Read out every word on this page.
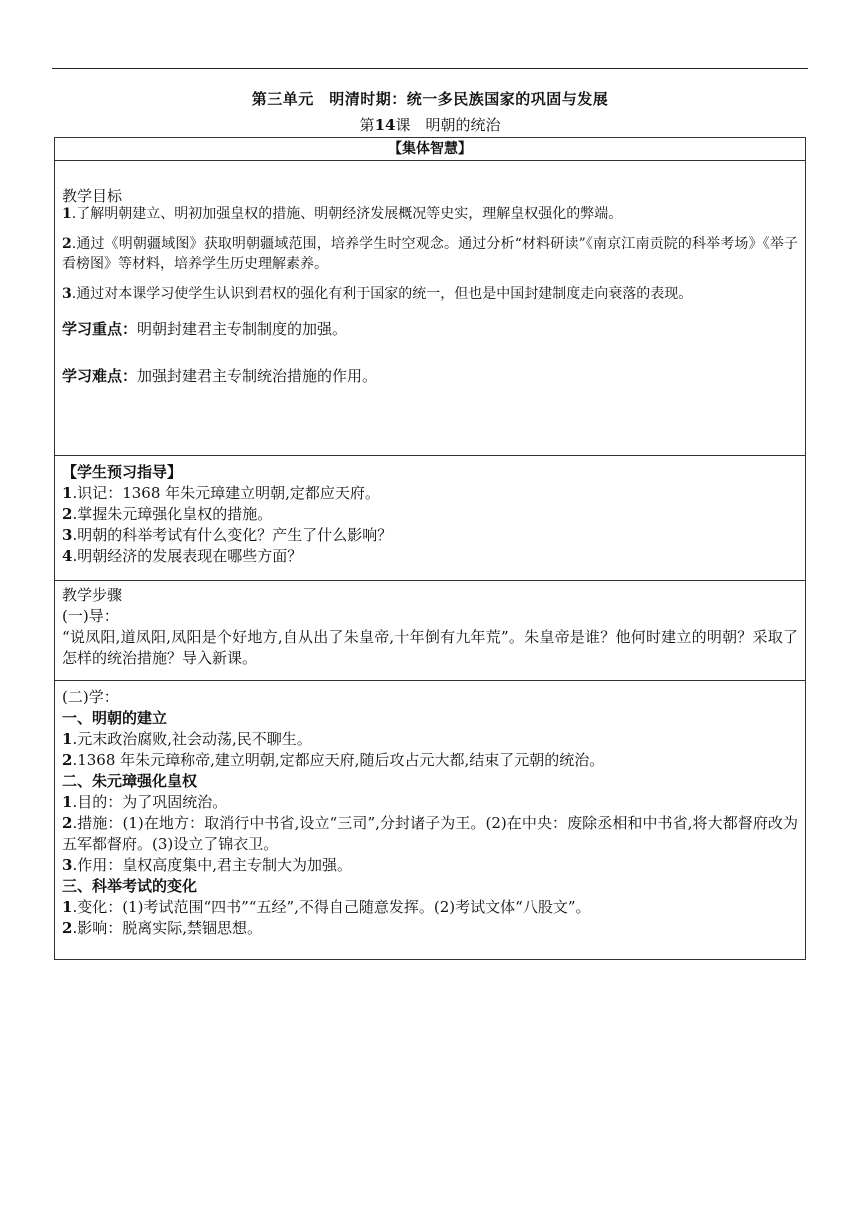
第三单元　明清时期：统一多民族国家的巩固与发展
第14课　明朝的统治
【集体智慧】

教学目标

1.了解明朝建立、明初加强皇权的措施、明朝经济发展概况等史实，理解皇权强化的弊端。

2.通过《明朝疆域图》获取明朝疆域范围，培养学生时空观念。通过分析“材料研读”《南京江南贡院的科举考场》《举子看榜图》等材料，培养学生历史理解素养。

3.通过对本课学习使学生认识到君权的强化有利于国家的统一，但也是中国封建制度走向衰落的表现。

学习重点：明朝封建君主专制制度的加强。

学习难点：加强封建君主专制统治措施的作用。

【学生预习指导】

1.识记：1368 年朱元璋建立明朝,定都应天府。

2.掌握朱元璋强化皇权的措施。

3.明朝的科举考试有什么变化？产生了什么影响？

4.明朝经济的发展表现在哪些方面？

教学步骤

(一)导：

“说凤阳,道凤阳,凤阳是个好地方,自从出了朱皇帝,十年倒有九年荒”。朱皇帝是谁？他何时建立的明朝？采取了怎样的统治措施？导入新课。

(二)学：

一、明朝的建立

1.元末政治腐败,社会动荡,民不聊生。

2.1368 年朱元璋称帝,建立明朝,定都应天府,随后攻占元大都,结束了元朝的统治。

二、朱元璋强化皇权

1.目的：为了巩固统治。

2.措施：(1)在地方：取消行中书省,设立“三司”,分封诸子为王。(2)在中央：废除丞相和中书省,将大都督府改为五军都督府。(3)设立了锦衣卫。

3.作用：皇权高度集中,君主专制大为加强。

三、科举考试的变化

1.变化：(1)考试范围“四书”“五经”,不得自己随意发挥。(2)考试文体“八股文”。

2.影响：脱离实际,禁锢思想。
